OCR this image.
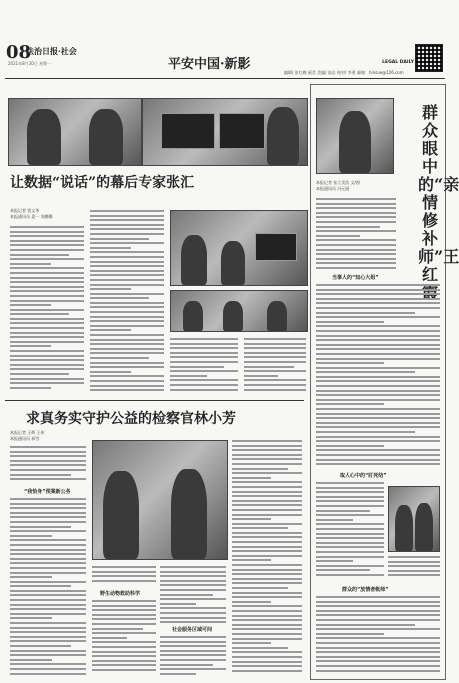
08
法治日报·社会
2021年8月30日 星期一	平安中国·新影	LEGAL DAILY
编辑/ 张红梅 函美 美编/ 高岩 校对/ 李勇 邮箱：hinsue@126.com
让数据“说话”的幕后专家张汇
本报记者 贾文华
本报通讯员 姜一 刘娜娜
求真务实守护公益的检察官林小芳
本报记者 王辉 王伟
本报通讯员 祁雪
“我恰身”预案新公务
野生动物救助科学
社会服务区域可间
群众眼中的“亲情修补师”王红
本报记者 张立美浩 文/图
本报通讯员 冯元丽
当事人的“知心大姐”
取人心中的“盯死结”
群众的“放情者帐师”
